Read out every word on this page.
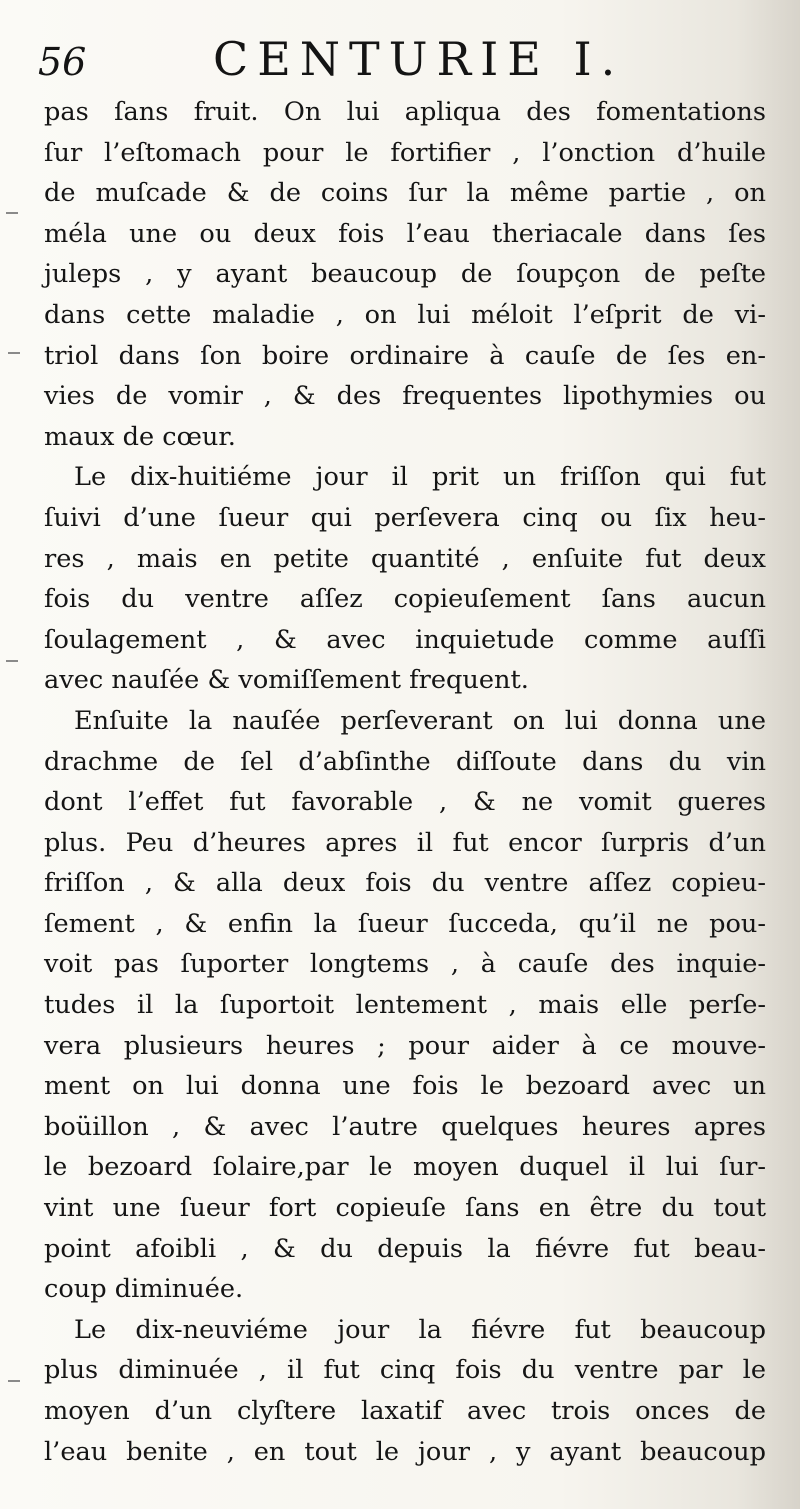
56	CENTURIE I.
pas ſans fruit. On lui apliqua des fomentations
ſur l’eſtomach pour le fortifier , l’onction d’huile
de muſcade & de coins ſur la même partie , on
méla une ou deux fois l’eau theriacale dans ſes
juleps , y ayant beaucoup de ſoupçon de peſte
dans cette maladie , on lui méloit l’eſprit de vi-
triol dans ſon boire ordinaire à cauſe de ſes en-
vies de vomir , & des frequentes lipothymies ou
maux de cœur.
Le dix-huitiéme jour il prit un friſſon qui fut
ſuivi d’une ſueur qui perſevera cinq ou ſix heu-
res , mais en petite quantité , enſuite fut deux
fois du ventre aſſez copieuſement ſans aucun
ſoulagement , & avec inquietude comme auſſi
avec nauſée & vomiſſement frequent.
Enſuite la nauſée perſeverant on lui donna une
drachme de ſel d’abſinthe diſſoute dans du vin
dont l’effet fut favorable , & ne vomit gueres
plus. Peu d’heures apres il fut encor ſurpris d’un
friſſon , & alla deux fois du ventre aſſez copieu-
ſement , & enfin la ſueur ſucceda, qu’il ne pou-
voit pas ſuporter longtems , à cauſe des inquie-
tudes il la ſuportoit lentement , mais elle perſe-
vera plusieurs heures ; pour aider à ce mouve-
ment on lui donna une fois le bezoard avec un
boüillon , & avec l’autre quelques heures apres
le bezoard ſolaire,par le moyen duquel il lui ſur-
vint une ſueur fort copieuſe ſans en être du tout
point afoibli , & du depuis la fiévre fut beau-
coup diminuée.
Le dix-neuviéme jour la fiévre fut beaucoup
plus diminuée , il fut cinq fois du ventre par le
moyen d’un clyſtere laxatif avec trois onces de
l’eau benite , en tout le jour , y ayant beaucoup
